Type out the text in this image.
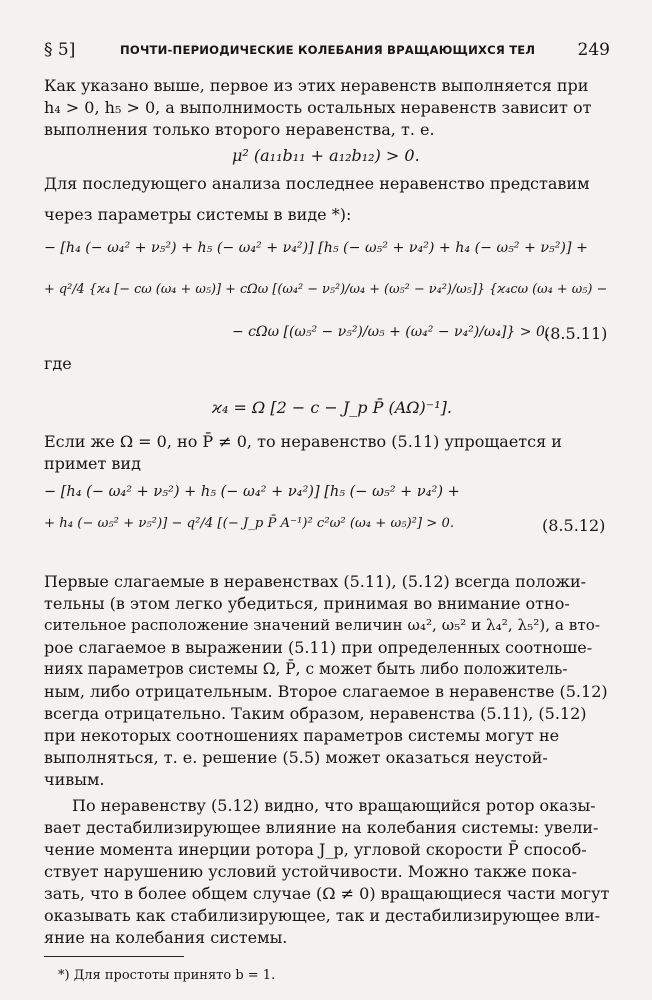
§ 5]	ПОЧТИ-ПЕРИОДИЧЕСКИЕ КОЛЕБАНИЯ ВРАЩАЮЩИХСЯ ТЕЛ 249
Как указано выше, первое из этих неравенств выполняется при
h₄ > 0, h₅ > 0, а выполнимость остальных неравенств зависит от
выполнения только второго неравенства, т. е.
μ² (a₁₁b₁₁ + a₁₂b₁₂) > 0.
Для последующего анализа последнее неравенство представим
через параметры системы в виде *):
− [h₄ (− ω₄² + ν₅²) + h₅ (− ω₄² + ν₄²)] [h₅ (− ω₅² + ν₄²) + h₄ (− ω₅² + ν₅²)] +
+ q²/4 {ϰ₄ [− cω (ω₄ + ω₅)] + cΩω [(ω₄² − ν₅²)/ω₄ + (ω₅² − ν₄²)/ω₅]} {ϰ₄cω (ω₄ + ω₅) −
− cΩω [(ω₅² − ν₅²)/ω₅ + (ω₄² − ν₄²)/ω₄]} > 0,
(8.5.11)
где
ϰ₄ = Ω [2 − c − J_p P̄ (AΩ)⁻¹].
Если же Ω = 0, но P̄ ≠ 0, то неравенство (5.11) упрощается и
примет вид
− [h₄ (− ω₄² + ν₅²) + h₅ (− ω₄² + ν₄²)] [h₅ (− ω₅² + ν₄²) +
+ h₄ (− ω₅² + ν₅²)] − q²/4 [(− J_p P̄ A⁻¹)² c²ω² (ω₄ + ω₅)²] > 0.	(8.5.12)
Первые слагаемые в неравенствах (5.11), (5.12) всегда положи-
тельны (в этом легко убедиться, принимая во внимание отно-
сительное расположение значений величин ω₄², ω₅² и λ₄², λ₅²), а вто-
рое слагаемое в выражении (5.11) при определенных соотноше-
ниях параметров системы Ω, P̄, c может быть либо положитель-
ным, либо отрицательным. Второе слагаемое в неравенстве (5.12)
всегда отрицательно. Таким образом, неравенства (5.11), (5.12)
при некоторых соотношениях параметров системы могут не
выполняться, т. е. решение (5.5) может оказаться неустой-
чивым.
По неравенству (5.12) видно, что вращающийся ротор оказы-
вает дестабилизирующее влияние на колебания системы: увели-
чение момента инерции ротора J_p, угловой скорости P̄ способ-
ствует нарушению условий устойчивости. Можно также пока-
зать, что в более общем случае (Ω ≠ 0) вращающиеся части могут
оказывать как стабилизирующее, так и дестабилизирующее вли-
яние на колебания системы.
*) Для простоты принято b = 1.
